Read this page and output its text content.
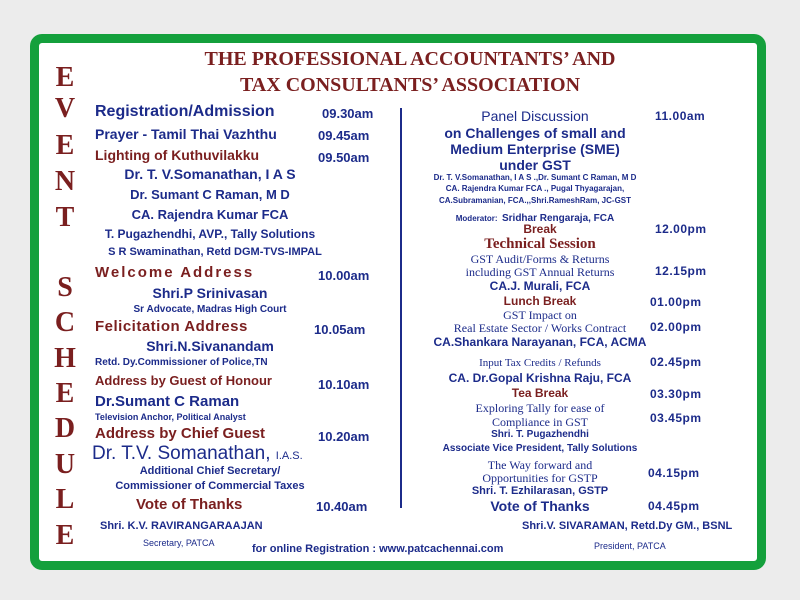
E
V
E
N
T
S
C
H
E
D
U
L
E
THE PROFESSIONAL ACCOUNTANTS’ AND
TAX CONSULTANTS’ ASSOCIATION
Registration/Admission	09.30am
Prayer - Tamil Thai Vazhthu	09.45am
Lighting of Kuthuvilakku	09.50am
Dr. T. V.Somanathan, I A S
Dr. Sumant C Raman, M D
CA. Rajendra Kumar FCA
T. Pugazhendhi, AVP., Tally Solutions
S R Swaminathan, Retd DGM-TVS-IMPAL
Welcome Address	10.00am
Shri.P Srinivasan
Sr Advocate, Madras High Court
Felicitation Address	10.05am
Shri.N.Sivanandam
Retd. Dy.Commissioner of Police,TN
Address by Guest of Honour	10.10am
Dr.Sumant C Raman
Television Anchor, Political Analyst
Address by Chief Guest	10.20am
Dr. T.V. Somanathan, I.A.S.
Additional Chief Secretary/
Commissioner of Commercial Taxes
Vote of Thanks	10.40am
Panel Discussion	11.00am
on Challenges of small and
Medium Enterprise (SME)
under GST
Dr. T. V.Somanathan, I A S .,Dr. Sumant C Raman, M D
CA. Rajendra Kumar FCA ., Pugal Thyagarajan,
CA.Subramanian, FCA.,,Shri.RameshRam, JC-GST
Moderator: Sridhar Rengaraja, FCA
Break	12.00pm
Technical Session
GST Audit/Forms & Returns
including GST Annual Returns	12.15pm
CA.J. Murali, FCA
Lunch Break	01.00pm
GST Impact on
Real Estate Sector / Works Contract	02.00pm
CA.Shankara Narayanan, FCA, ACMA
Input Tax Credits / Refunds	02.45pm
CA. Dr.Gopal Krishna Raju, FCA
Tea Break	03.30pm
Exploring Tally for ease of
Compliance in GST	03.45pm
Shri. T. Pugazhendhi
Associate Vice President, Tally Solutions
The Way forward and
Opportunities for GSTP	04.15pm
Shri. T. Ezhilarasan, GSTP
Vote of Thanks	04.45pm
Shri. K.V. RAVIRANGARAAJAN
Secretary, PATCA
Shri.V. SIVARAMAN, Retd.Dy GM., BSNL
President, PATCA
for online Registration : www.patcachennai.com
